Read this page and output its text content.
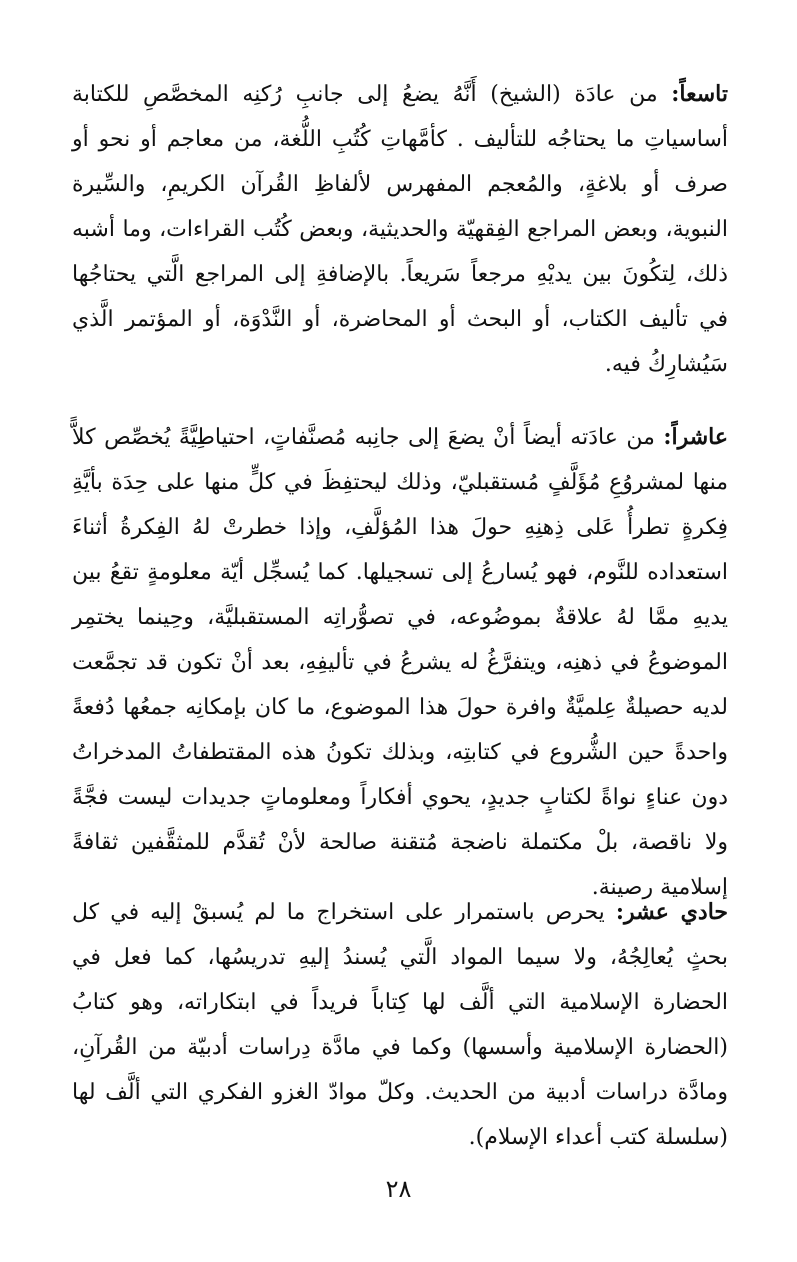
تاسعاً: من عادَة (الشيخ) أَنَّهُ يضعُ إلى جانبِ رُكنِه المخصَّصِ للكتابة أساسياتِ ما يحتاجُه للتأليف . كأمَّهاتِ كُتُبِ اللُّغة، من معاجم أو نحو أو صرف أو بلاغةٍ، والمُعجم المفهرس لألفاظِ القُرآن الكريمِ، والسِّيرة النبوية، وبعض المراجع الفِقهيّة والحديثية، وبعض كُتُب القراءات، وما أشبه ذلك، لِتكُونَ بين يديْهِ مرجعاً سَريعاً. بالإضافةِ إلى المراجع الَّتي يحتاجُها في تأليف الكتاب، أو البحث أو المحاضرة، أو النَّدْوَة، أو المؤتمر الَّذي سَيُشارِكُ فيه.

عاشراً: من عادَته أيضاً أنْ يضعَ إلى جانِبه مُصنَّفاتٍ، احتياطِيَّةً يُخصِّص كلاًّ منها لمشروُعِ مُؤَلَّفٍ مُستقبليّ، وذلك ليحتفِظَ في كلٍّ منها على حِدَة بأيَّةِ فِكرةٍ تطرأُ عَلى ذِهنِهِ حولَ هذا المُؤلَّفِ، وإذا خطرتْ لهُ الفِكرةُ أثناءَ استعداده للنَّوم، فهو يُسارعُ إلى تسجيلها. كما يُسجِّل أيّة معلومةٍ تقعُ بين يديهِ ممَّا لهُ علاقةٌ بموضُوعه، في تصوُّراتِه المستقبليَّة، وحِينما يختمِر الموضوعُ في ذهنِه، ويتفرَّغُ له يشرعُ في تأليفِهِ، بعد أنْ تكون قد تجمَّعت لديه حصيلةٌ عِلميَّةٌ وافرة حولَ هذا الموضوع، ما كان بإمكانِه جمعُها دُفعةً واحدةً حين الشُّروع في كتابتِه، وبذلك تكونُ هذه المقتطفاتُ المدخراتُ دون عناءٍ نواةً لكتابٍ جديدٍ، يحوي أفكاراً ومعلوماتٍ جديدات ليست فجَّةً ولا ناقصة، بلْ مكتملة ناضجة مُتقنة صالحة لأنْ تُقدَّم للمثقَّفين ثقافةً إسلامية رصينة.

حادي عشر: يحرص باستمرار على استخراج ما لم يُسبقْ إليه في كل بحثٍ يُعالِجُهُ، ولا سيما المواد الَّتي يُسندُ إليهِ تدريسُها، كما فعل في الحضارة الإسلامية التي ألَّف لها كِتاباً فريداً في ابتكاراته، وهو كتابُ (الحضارة الإسلامية وأسسها) وكما في مادَّة دِراسات أدبيّة من القُرآنِ، ومادَّة دراسات أدبية من الحديث. وكلّ موادّ الغزو الفكري التي ألَّف لها (سلسلة كتب أعداء الإسلام).

٢٨
